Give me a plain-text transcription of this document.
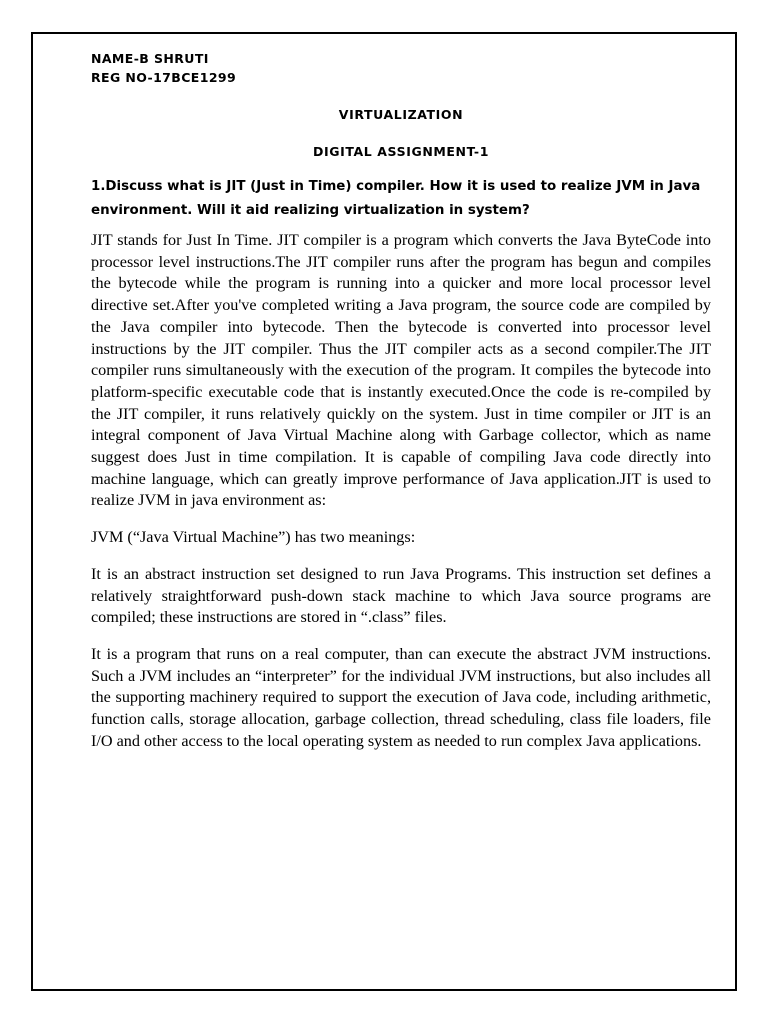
NAME-B SHRUTI

REG NO-17BCE1299

VIRTUALIZATION

DIGITAL ASSIGNMENT-1

1.Discuss what is JIT (Just in Time) compiler. How it is used to realize JVM in Java environment. Will it aid realizing virtualization in system?

JIT stands for Just In Time. JIT compiler is a program which converts the Java ByteCode into processor level instructions.The JIT compiler runs after the program has begun and compiles the bytecode while the program is running into a quicker and more local processor level directive set.After you've completed writing a Java program, the source code are compiled by the Java compiler into bytecode. Then the bytecode is converted into processor level instructions by the JIT compiler. Thus the JIT compiler acts as a second compiler.The JIT compiler runs simultaneously with the execution of the program. It compiles the bytecode into platform-specific executable code that is instantly executed.Once the code is re-compiled by the JIT compiler, it runs relatively quickly on the system. Just in time compiler or JIT is an integral component of Java Virtual Machine along with Garbage collector, which as name suggest does Just in time compilation. It is capable of compiling Java code directly into machine language, which can greatly improve performance of Java application.JIT is used to realize JVM in java environment as:

JVM (“Java Virtual Machine”) has two meanings:

It is an abstract instruction set designed to run Java Programs. This instruction set defines a relatively straightforward push-down stack machine to which Java source programs are compiled; these instructions are stored in “.class” files.

It is a program that runs on a real computer, than can execute the abstract JVM instructions. Such a JVM includes an “interpreter” for the individual JVM instructions, but also includes all the supporting machinery required to support the execution of Java code, including arithmetic, function calls, storage allocation, garbage collection, thread scheduling, class file loaders, file I/O and other access to the local operating system as needed to run complex Java applications.
